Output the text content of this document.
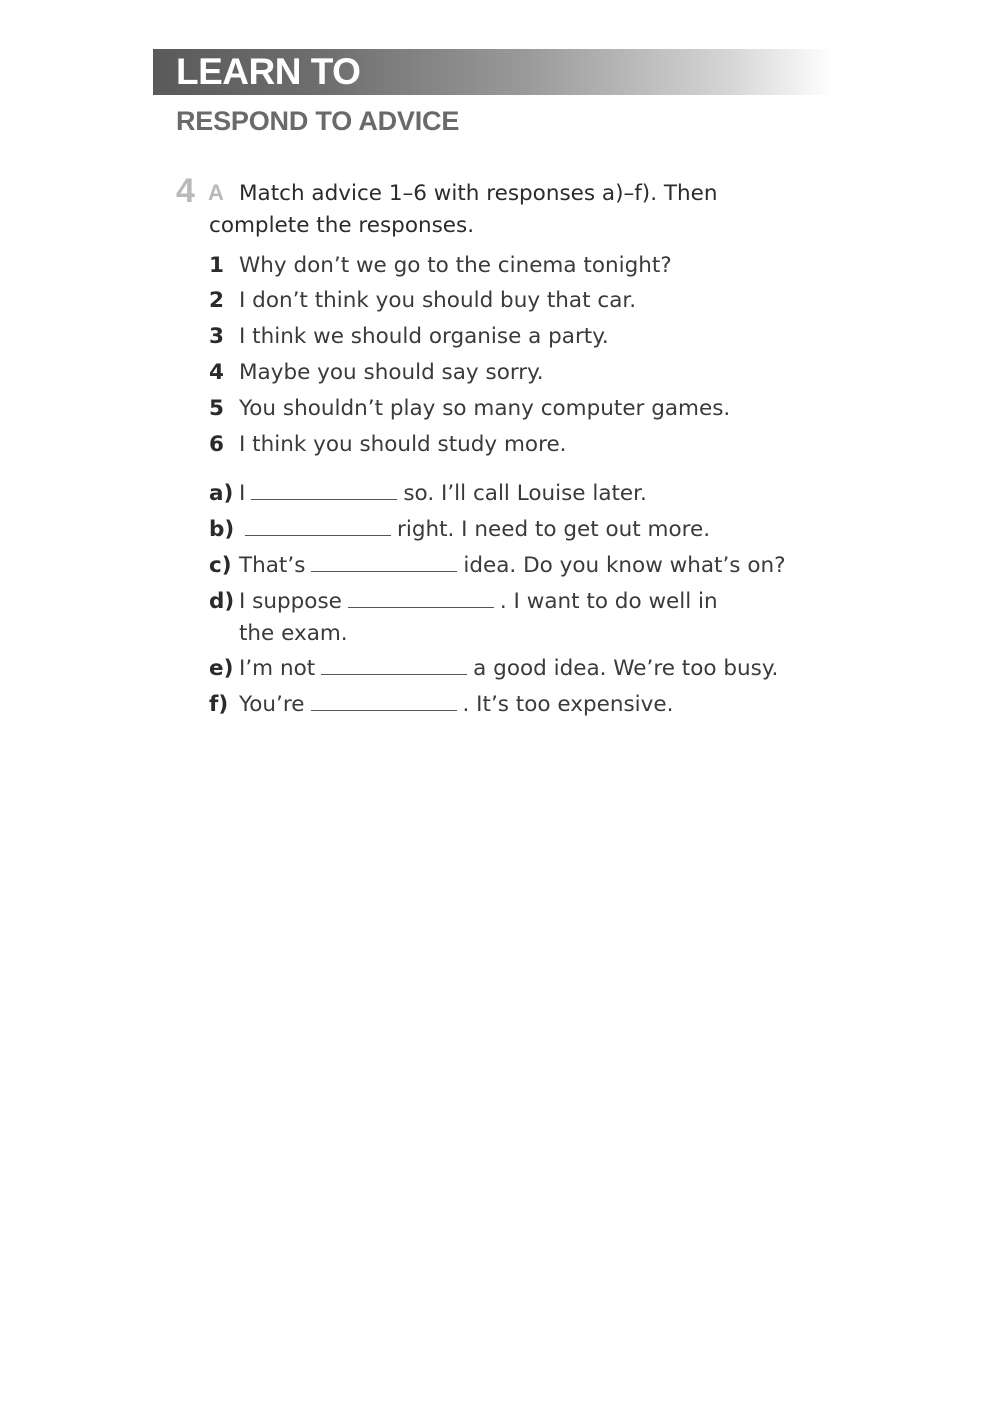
LEARN TO
RESPOND TO ADVICE
4 A Match advice 1–6 with responses a)–f). Then complete the responses.
1 Why don’t we go to the cinema tonight?
2 I don’t think you should buy that car.
3 I think we should organise a party.
4 Maybe you should say sorry.
5 You shouldn’t play so many computer games.
6 I think you should study more.
a) I	so. I’ll call Louise later.
b)	right. I need to get out more.
c) That’s	idea. Do you know what’s on?
d) I suppose	. I want to do well in
the exam.
e) I’m not	a good idea. We’re too busy.
f) You’re	. It’s too expensive.
